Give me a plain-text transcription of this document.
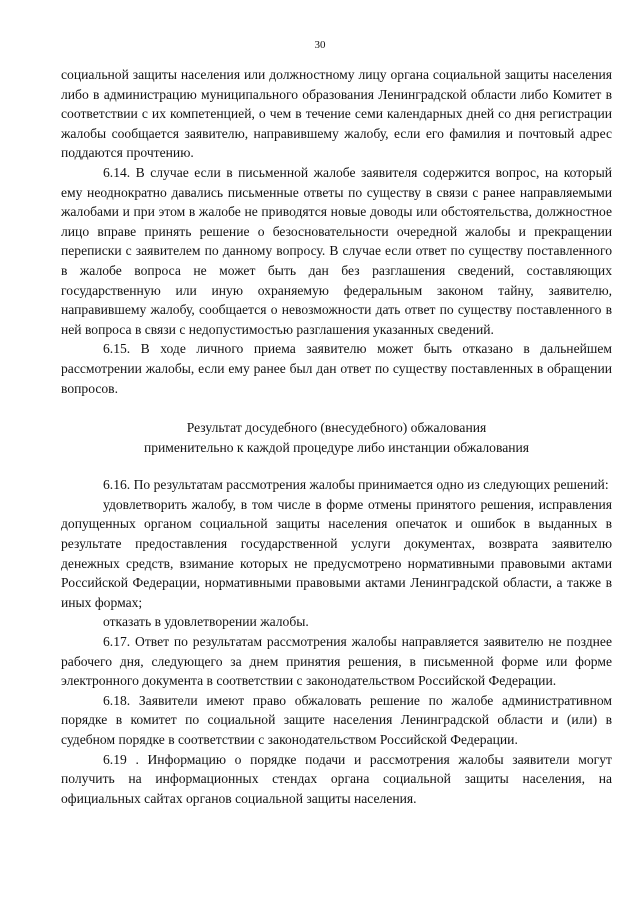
30

социальной защиты населения или должностному лицу органа социальной защиты населения либо в администрацию муниципального образования Ленинградской области либо Комитет в соответствии с их компетенцией, о чем в течение семи календарных дней со дня регистрации жалобы сообщается заявителю, направившему жалобу, если его фамилия и почтовый адрес поддаются прочтению.

6.14. В случае если в письменной жалобе заявителя содержится вопрос, на который ему неоднократно давались письменные ответы по существу в связи с ранее направляемыми жалобами и при этом в жалобе не приводятся новые доводы или обстоятельства, должностное лицо вправе принять решение о безосновательности очередной жалобы и прекращении переписки с заявителем по данному вопросу. В случае если ответ по существу поставленного в жалобе вопроса не может быть дан без разглашения сведений, составляющих государственную или иную охраняемую федеральным законом тайну, заявителю, направившему жалобу, сообщается о невозможности дать ответ по существу поставленного в ней вопроса в связи с недопустимостью разглашения указанных сведений.

6.15. В ходе личного приема заявителю может быть отказано в дальнейшем рассмотрении жалобы, если ему ранее был дан ответ по существу поставленных в обращении вопросов.

Результат досудебного (внесудебного) обжалования
применительно к каждой процедуре либо инстанции обжалования

6.16. По результатам рассмотрения жалобы принимается одно из следующих решений:

удовлетворить жалобу, в том числе в форме отмены принятого решения, исправления допущенных органом социальной защиты населения опечаток и ошибок в выданных в результате предоставления государственной услуги документах, возврата заявителю денежных средств, взимание которых не предусмотрено нормативными правовыми актами Российской Федерации, нормативными правовыми актами Ленинградской области, а также в иных формах;

отказать в удовлетворении жалобы.

6.17. Ответ по результатам рассмотрения жалобы направляется заявителю не позднее рабочего дня, следующего за днем принятия решения, в письменной форме или форме электронного документа в соответствии с законодательством Российской Федерации.

6.18. Заявители имеют право обжаловать решение по жалобе административном порядке в комитет по социальной защите населения Ленинградской области и (или) в судебном порядке в соответствии с законодательством Российской Федерации.

6.19 . Информацию о порядке подачи и рассмотрения жалобы заявители могут получить на информационных стендах органа социальной защиты населения, на официальных сайтах органов социальной защиты населения.
